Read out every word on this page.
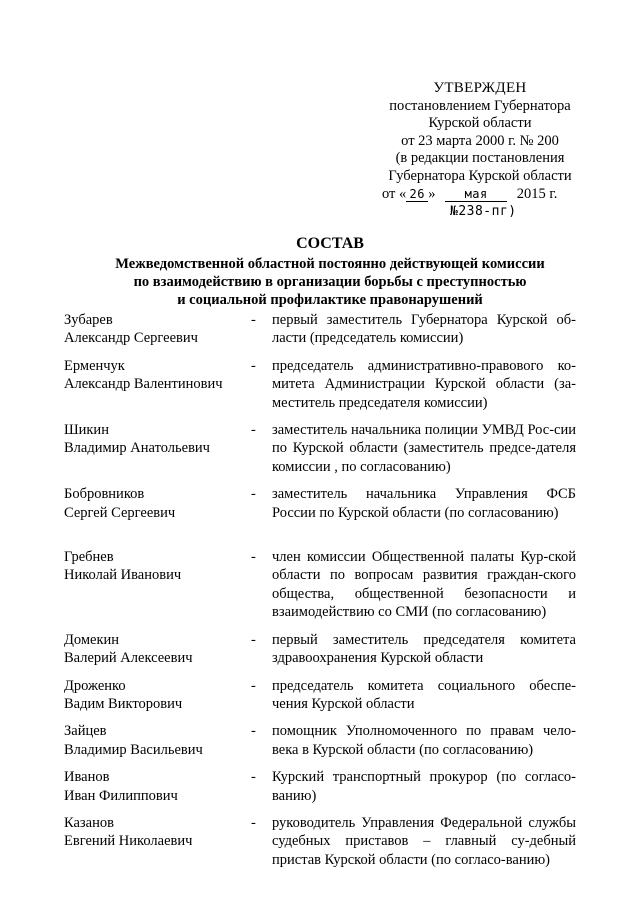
УТВЕРЖДЕН
постановлением Губернатора
Курской области
от 23 марта 2000 г. № 200
(в редакции постановления
Губернатора Курской области
от « 26 » мая 2015 г.
№238-пг)
СОСТАВ
Межведомственной областной постоянно действующей комиссии
по взаимодействию в организации борьбы с преступностью
и социальной профилактике правонарушений
Зубарев
Александр Сергеевич
- первый заместитель Губернатора Курской об-ласти (председатель комиссии)
Ерменчук
Александр Валентинович
- председатель административно-правового ко-митета Администрации Курской области (за-меститель председателя комиссии)
Шикин
Владимир Анатольевич
- заместитель начальника полиции УМВД Рос-сии по Курской области (заместитель предсе-дателя комиссии , по согласованию)
Бобровников
Сергей Сергеевич
- заместитель начальника Управления ФСБ России по Курской области (по согласованию)
Гребнев
Николай Иванович
- член комиссии Общественной палаты Кур-ской области по вопросам развития граждан-ского общества, общественной безопасности и взаимодействию со СМИ (по согласованию)
Домекин
Валерий Алексеевич
- первый заместитель председателя комитета здравоохранения Курской области
Дроженко
Вадим Викторович
- председатель комитета социального обеспе-чения Курской области
Зайцев
Владимир Васильевич
- помощник Уполномоченного по правам чело-века в Курской области (по согласованию)
Иванов
Иван Филиппович
- Курский транспортный прокурор (по согласо-ванию)
Казанов
Евгений Николаевич
- руководитель Управления Федеральной службы судебных приставов – главный су-дебный пристав Курской области (по согласо-ванию)
